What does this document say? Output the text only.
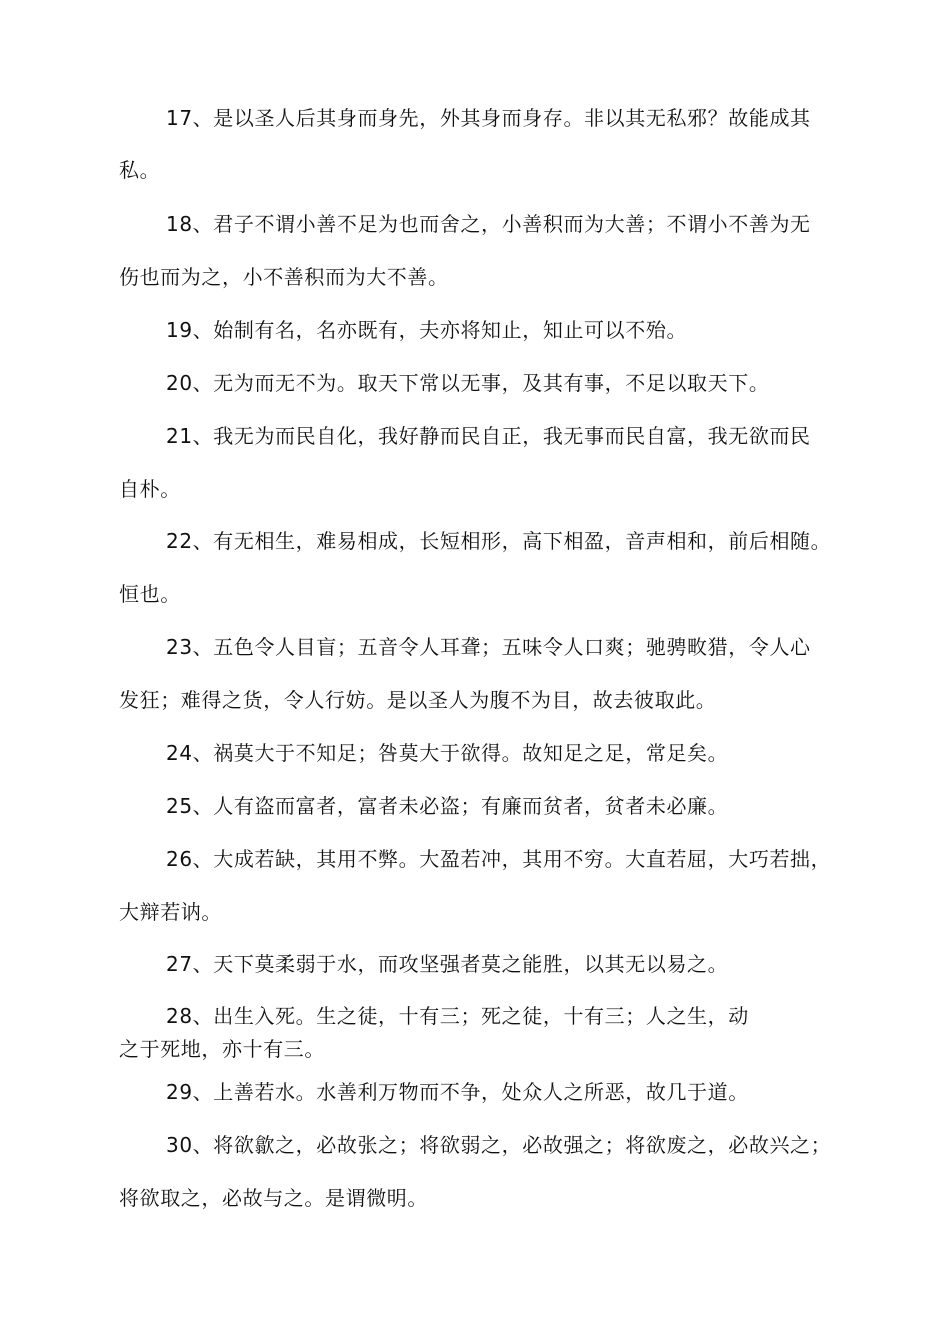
17、是以圣人后其身而身先，外其身而身存。非以其无私邪？故能成其
私。
18、君子不谓小善不足为也而舍之，小善积而为大善；不谓小不善为无
伤也而为之，小不善积而为大不善。
19、始制有名，名亦既有，夫亦将知止，知止可以不殆。
20、无为而无不为。取天下常以无事，及其有事，不足以取天下。
21、我无为而民自化，我好静而民自正，我无事而民自富，我无欲而民
自朴。
22、有无相生，难易相成，长短相形，高下相盈，音声相和，前后相随。
恒也。
23、五色令人目盲；五音令人耳聋；五味令人口爽；驰骋畋猎，令人心
发狂；难得之货，令人行妨。是以圣人为腹不为目，故去彼取此。
24、祸莫大于不知足；咎莫大于欲得。故知足之足，常足矣。
25、人有盗而富者，富者未必盗；有廉而贫者，贫者未必廉。
26、大成若缺，其用不弊。大盈若冲，其用不穷。大直若屈，大巧若拙，
大辩若讷。
27、天下莫柔弱于水，而攻坚强者莫之能胜，以其无以易之。
28、出生入死。生之徒，十有三；死之徒，十有三；人之生，动
之于死地，亦十有三。
29、上善若水。水善利万物而不争，处众人之所恶，故几于道。
30、将欲歙之，必故张之；将欲弱之，必故强之；将欲废之，必故兴之；
将欲取之，必故与之。是谓微明。
